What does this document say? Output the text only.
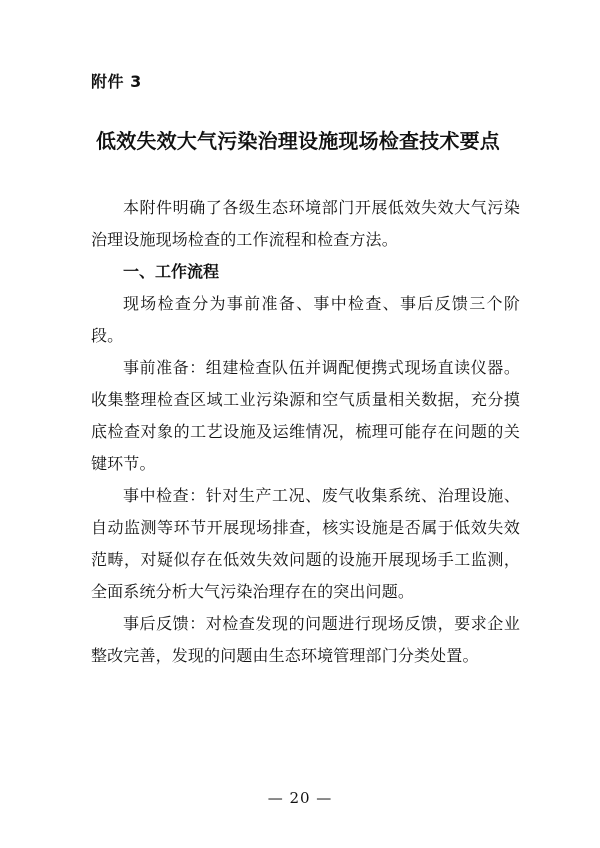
附件 3
低效失效大气污染治理设施现场检查技术要点

本附件明确了各级生态环境部门开展低效失效大气污染治理设施现场检查的工作流程和检查方法。

一、工作流程

现场检查分为事前准备、事中检查、事后反馈三个阶段。

事前准备：组建检查队伍并调配便携式现场直读仪器。收集整理检查区域工业污染源和空气质量相关数据，充分摸底检查对象的工艺设施及运维情况，梳理可能存在问题的关键环节。

事中检查：针对生产工况、废气收集系统、治理设施、自动监测等环节开展现场排查，核实设施是否属于低效失效范畴，对疑似存在低效失效问题的设施开展现场手工监测，全面系统分析大气污染治理存在的突出问题。

事后反馈：对检查发现的问题进行现场反馈，要求企业整改完善，发现的问题由生态环境管理部门分类处置。

— 20 —
